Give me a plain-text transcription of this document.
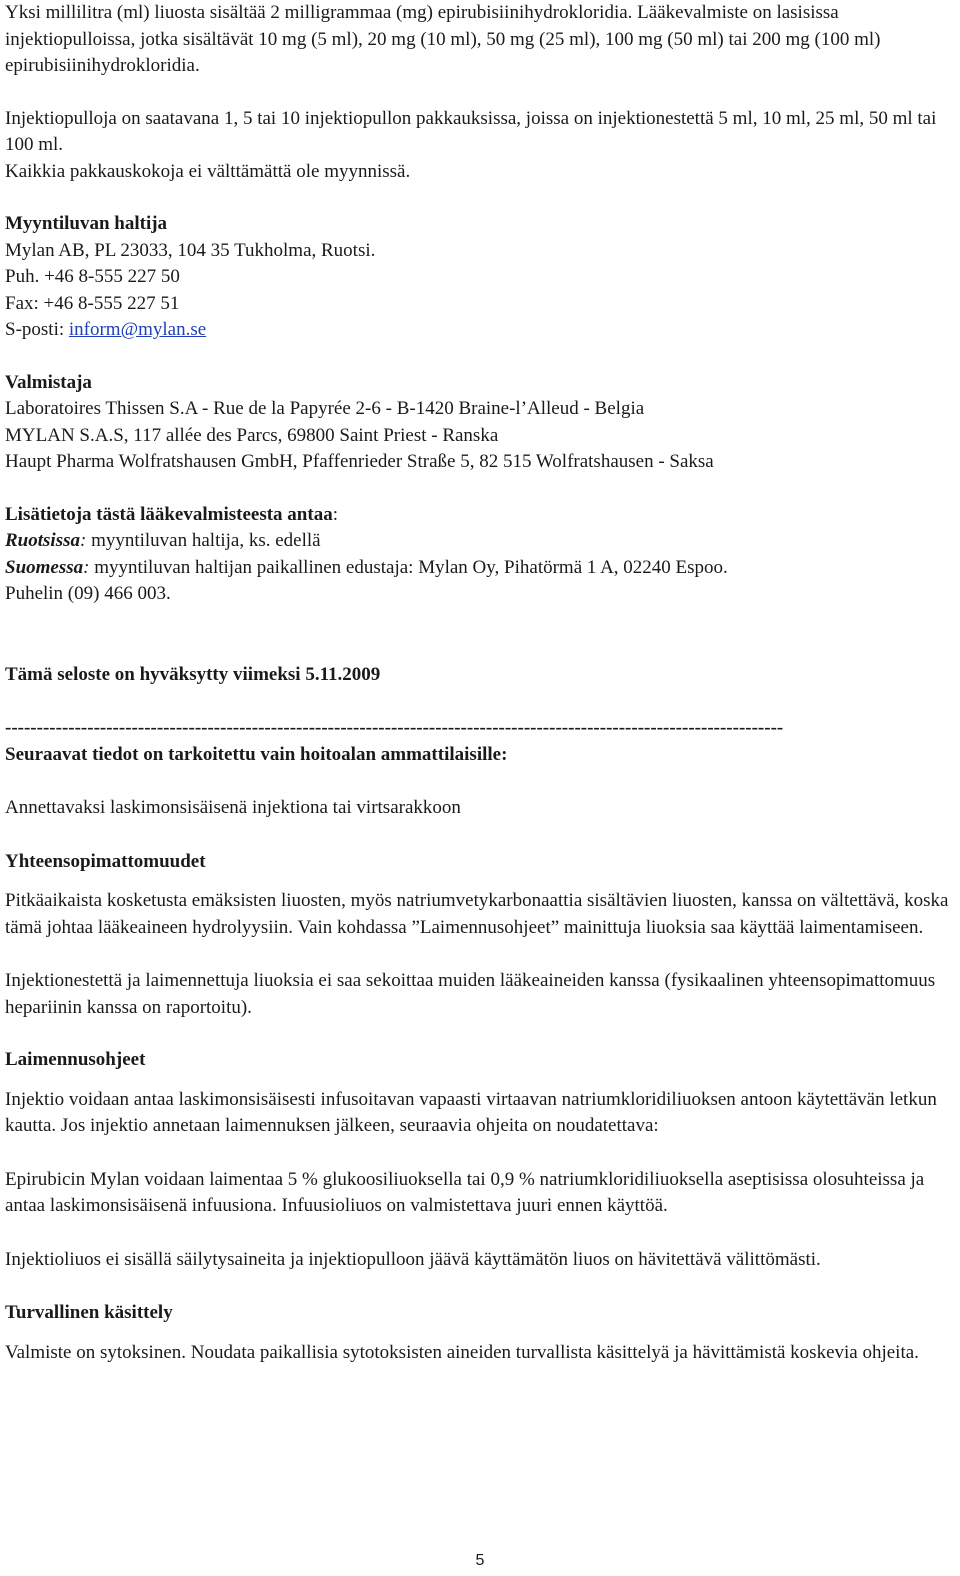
Yksi millilitra (ml) liuosta sisältää 2 milligrammaa (mg) epirubisiinihydrokloridia. Lääkevalmiste on lasisissa injektiopulloissa, jotka sisältävät 10 mg (5 ml), 20 mg (10 ml), 50 mg (25 ml), 100 mg (50 ml) tai 200 mg (100 ml) epirubisiinihydrokloridia.

Injektiopulloja on saatavana 1, 5 tai 10 injektiopullon pakkauksissa, joissa on injektionestettä 5 ml, 10 ml, 25 ml, 50 ml tai 100 ml.

Kaikkia pakkauskokoja ei välttämättä ole myynnissä.

Myyntiluvan haltija

Mylan AB, PL 23033, 104 35 Tukholma, Ruotsi.

Puh. +46 8-555 227 50

Fax: +46 8-555 227 51

S-posti: inform@mylan.se

Valmistaja

Laboratoires Thissen S.A - Rue de la Papyrée 2-6 - B-1420 Braine-l’Alleud - Belgia

MYLAN S.A.S, 117 allée des Parcs, 69800 Saint Priest - Ranska

Haupt Pharma Wolfratshausen GmbH, Pfaffenrieder Straße 5, 82 515 Wolfratshausen - Saksa

Lisätietoja tästä lääkevalmisteesta antaa:

Ruotsissa: myyntiluvan haltija, ks. edellä

Suomessa: myyntiluvan haltijan paikallinen edustaja: Mylan Oy, Pihatörmä 1 A, 02240 Espoo.

Puhelin (09) 466 003.

Tämä seloste on hyväksytty viimeksi 5.11.2009

---------------------------------------------------------------------------------------------------------------------------

Seuraavat tiedot on tarkoitettu vain hoitoalan ammattilaisille:

Annettavaksi laskimonsisäisenä injektiona tai virtsarakkoon

Yhteensopimattomuudet

Pitkäaikaista kosketusta emäksisten liuosten, myös natriumvetykarbonaattia sisältävien liuosten, kanssa on vältettävä, koska tämä johtaa lääkeaineen hydrolyysiin. Vain kohdassa ”Laimennusohjeet” mainittuja liuoksia saa käyttää laimentamiseen.

Injektionestettä ja laimennettuja liuoksia ei saa sekoittaa muiden lääkeaineiden kanssa (fysikaalinen yhteensopimattomuus hepariinin kanssa on raportoitu).

Laimennusohjeet

Injektio voidaan antaa laskimonsisäisesti infusoitavan vapaasti virtaavan natriumkloridiliuoksen antoon käytettävän letkun kautta. Jos injektio annetaan laimennuksen jälkeen, seuraavia ohjeita on noudatettava:

Epirubicin Mylan voidaan laimentaa 5 % glukoosiliuoksella tai 0,9 % natriumkloridiliuoksella aseptisissa olosuhteissa ja antaa laskimonsisäisenä infuusiona. Infuusioliuos on valmistettava juuri ennen käyttöä.

Injektioliuos ei sisällä säilytysaineita ja injektiopulloon jäävä käyttämätön liuos on hävitettävä välittömästi.

Turvallinen käsittely

Valmiste on sytoksinen. Noudata paikallisia sytotoksisten aineiden turvallista käsittelyä ja hävittämistä koskevia ohjeita.

5
